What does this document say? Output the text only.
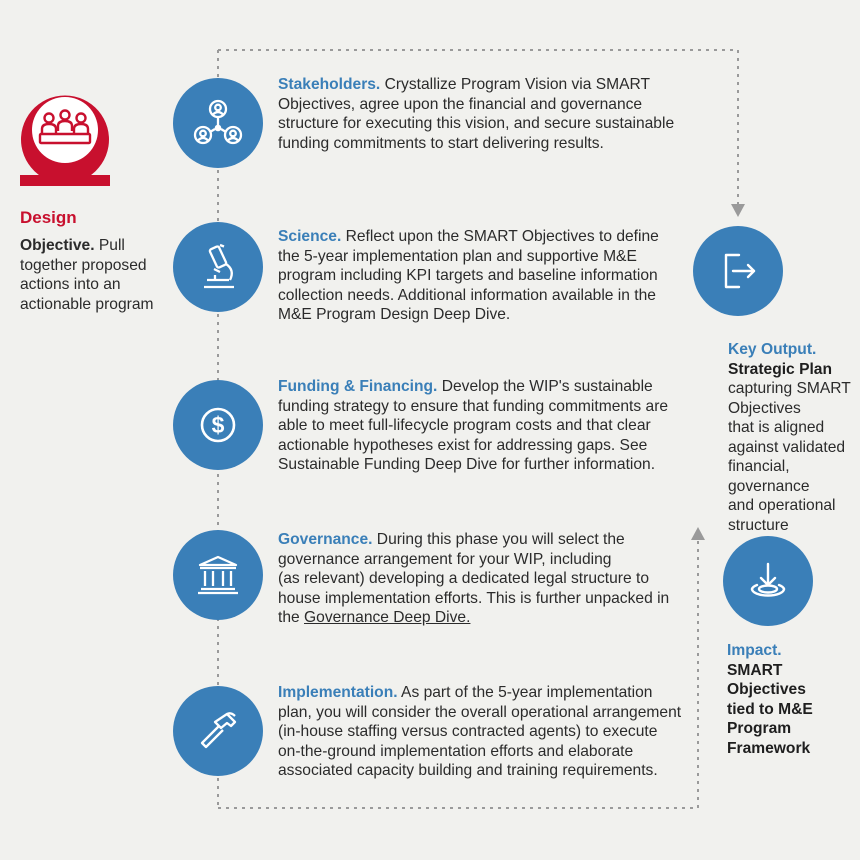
Design
Objective. Pull
together proposed
actions into an
actionable program
Stakeholders. Crystallize Program Vision via SMART
Objectives, agree upon the financial and governance
structure for executing this vision, and secure sustainable
funding commitments to start delivering results.
Science. Reflect upon the SMART Objectives to define
the 5-year implementation plan and supportive M&E
program including KPI targets and baseline information
collection needs. Additional information available in the
M&E Program Design Deep Dive.
$
Funding & Financing. Develop the WIP's sustainable
funding strategy to ensure that funding commitments are
able to meet full-lifecycle program costs and that clear
actionable hypotheses exist for addressing gaps. See
Sustainable Funding Deep Dive for further information.
Governance. During this phase you will select the
governance arrangement for your WIP, including
(as relevant) developing a dedicated legal structure to
house implementation efforts. This is further unpacked in
the Governance Deep Dive.
Implementation. As part of the 5-year implementation
plan, you will consider the overall operational arrangement
(in-house staffing versus contracted agents) to execute
on-the-ground implementation efforts and elaborate
associated capacity building and training requirements.
Key Output.
Strategic Plan
capturing SMART
Objectives
that is aligned
against validated
financial,
governance
and operational
structure
Impact.
SMART
Objectives
tied to M&E
Program
Framework
